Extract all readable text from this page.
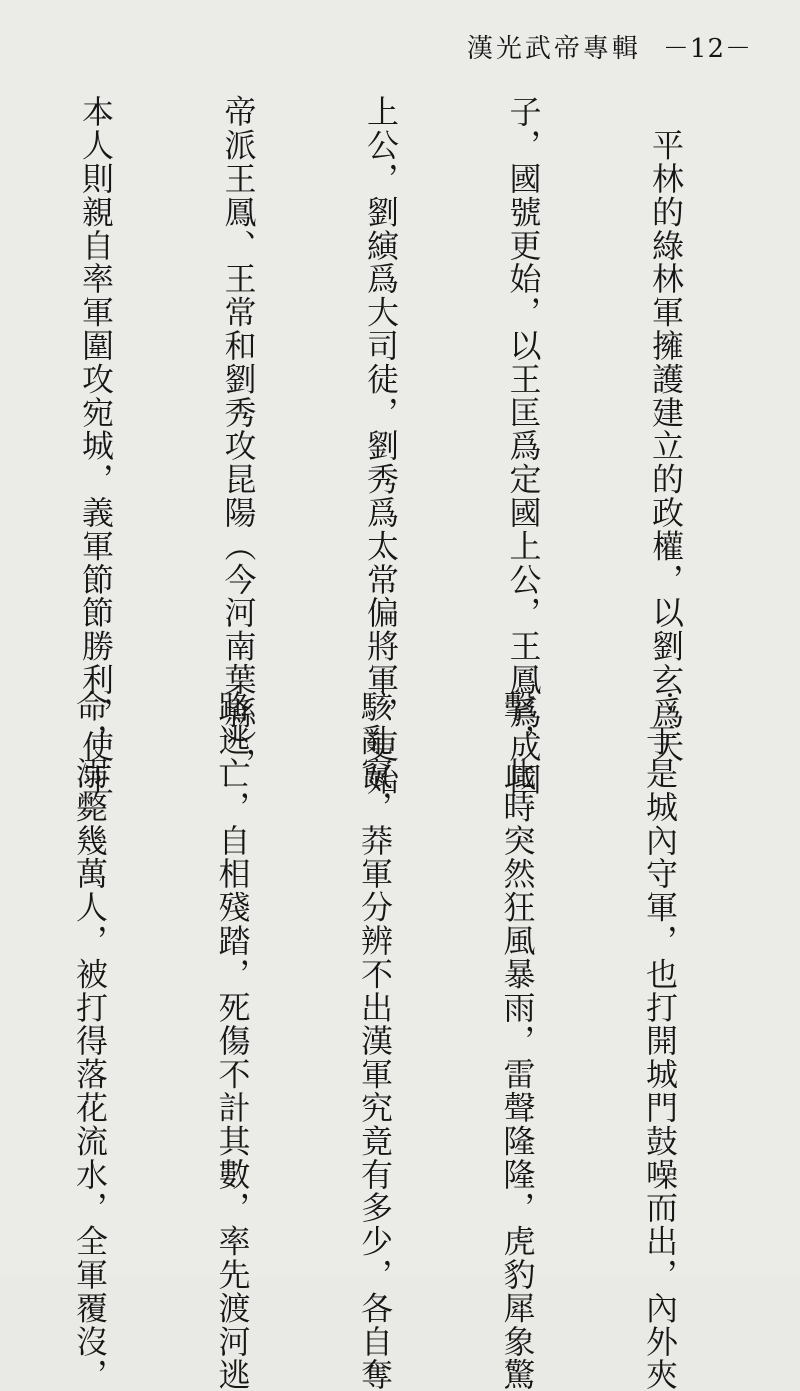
漢光武帝專輯 －12－

　平林的綠林軍擁護建立的政權，以劉玄爲天

子，國號更始，以王匡爲定國上公，王鳳爲成國

上公，劉縯爲大司徒，劉秀爲太常偏將軍，更始

帝派王鳳、王常和劉秀攻昆陽（今河南葉縣），

本人則親自率軍圍攻宛城，義軍節節勝利，使王

；于是城內守軍，也打開城門鼓噪而出，內外夾

擊，此時突然狂風暴雨，雷聲隆隆，虎豹犀象驚

駭亂竄，莽軍分辨不出漢軍究竟有多少，各自奪

路逃亡，自相殘踏，死傷不計其數，率先渡河逃

命，溺斃幾萬人，被打得落花流水，全軍覆沒，
